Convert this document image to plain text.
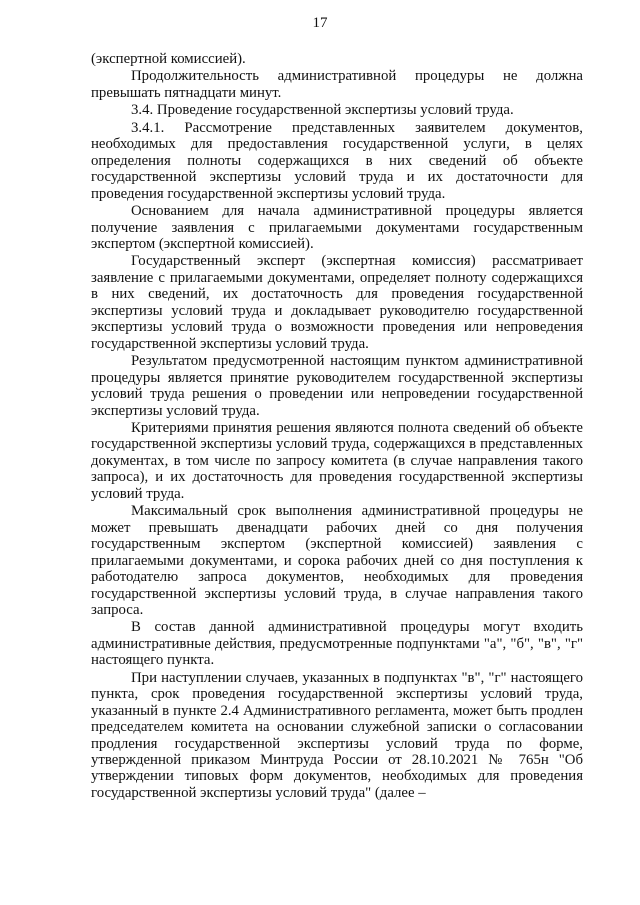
17

(экспертной комиссией).

Продолжительность административной процедуры не должна превышать пятнадцати минут.

3.4. Проведение государственной экспертизы условий труда.

3.4.1. Рассмотрение представленных заявителем документов, необходимых для предоставления государственной услуги, в целях определения полноты содержащихся в них сведений об объекте государственной экспертизы условий труда и их достаточности для проведения государственной экспертизы условий труда.

Основанием для начала административной процедуры является получение заявления с прилагаемыми документами государственным экспертом (экспертной комиссией).

Государственный эксперт (экспертная комиссия) рассматривает заявление с прилагаемыми документами, определяет полноту содержащихся в них сведений, их достаточность для проведения государственной экспертизы условий труда и докладывает руководителю государственной экспертизы условий труда о возможности проведения или непроведения государственной экспертизы условий труда.

Результатом предусмотренной настоящим пунктом административной процедуры является принятие руководителем государственной экспертизы условий труда решения о проведении или непроведении государственной экспертизы условий труда.

Критериями принятия решения являются полнота сведений об объекте государственной экспертизы условий труда, содержащихся в представленных документах, в том числе по запросу комитета (в случае направления такого запроса), и их достаточность для проведения государственной экспертизы условий труда.

Максимальный срок выполнения административной процедуры не может превышать двенадцати рабочих дней со дня получения государственным экспертом (экспертной комиссией) заявления с прилагаемыми документами, и сорока рабочих дней со дня поступления к работодателю запроса документов, необходимых для проведения государственной экспертизы условий труда, в случае направления такого запроса.

В состав данной административной процедуры могут входить административные действия, предусмотренные подпунктами "а", "б", "в", "г" настоящего пункта.

При наступлении случаев, указанных в подпунктах "в", "г" настоящего пункта, срок проведения государственной экспертизы условий труда, указанный в пункте 2.4 Административного регламента, может быть продлен председателем комитета на основании служебной записки о согласовании продления государственной экспертизы условий труда по форме, утвержденной приказом Минтруда России от 28.10.2021 № 765н "Об утверждении типовых форм документов, необходимых для проведения государственной экспертизы условий труда" (далее –
